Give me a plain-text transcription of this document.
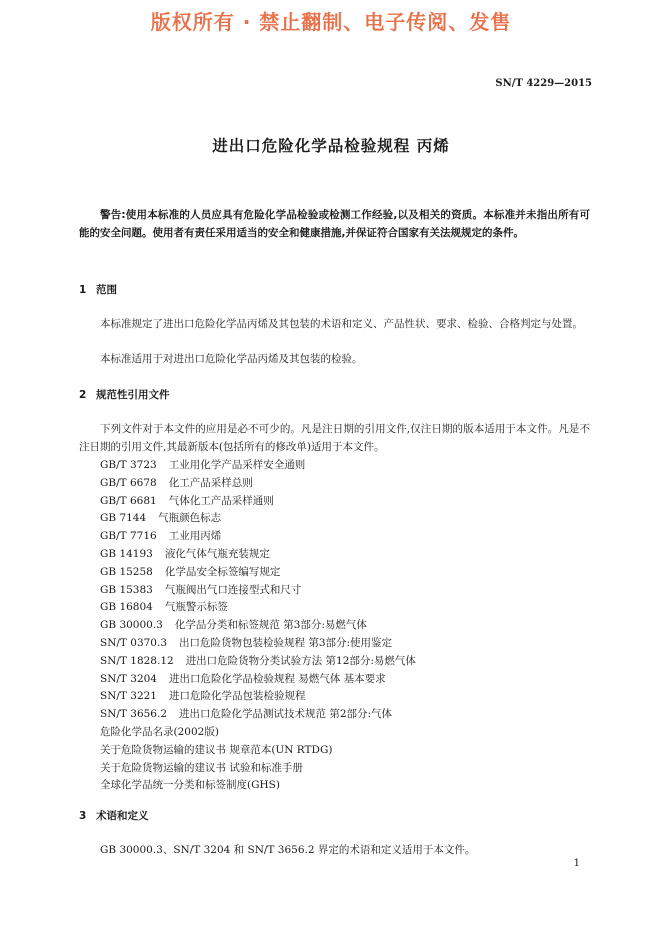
版权所有 · 禁止翻制、电子传阅、发售
SN/T 4229—2015
进出口危险化学品检验规程 丙烯
警告:使用本标准的人员应具有危险化学品检验或检测工作经验,以及相关的资质。本标准并未指出所有可能的安全问题。使用者有责任采用适当的安全和健康措施,并保证符合国家有关法规规定的条件。
1 范围
本标准规定了进出口危险化学品丙烯及其包装的术语和定义、产品性状、要求、检验、合格判定与处置。
本标准适用于对进出口危险化学品丙烯及其包装的检验。
2 规范性引用文件
下列文件对于本文件的应用是必不可少的。凡是注日期的引用文件,仅注日期的版本适用于本文件。凡是不注日期的引用文件,其最新版本(包括所有的修改单)适用于本文件。
GB/T 3723 工业用化学产品采样安全通则
GB/T 6678 化工产品采样总则
GB/T 6681 气体化工产品采样通则
GB 7144 气瓶颜色标志
GB/T 7716 工业用丙烯
GB 14193 液化气体气瓶充装规定
GB 15258 化学品安全标签编写规定
GB 15383 气瓶阀出气口连接型式和尺寸
GB 16804 气瓶警示标签
GB 30000.3 化学品分类和标签规范 第3部分:易燃气体
SN/T 0370.3 出口危险货物包装检验规程 第3部分:使用鉴定
SN/T 1828.12 进出口危险货物分类试验方法 第12部分:易燃气体
SN/T 3204 进出口危险化学品检验规程 易燃气体 基本要求
SN/T 3221 进口危险化学品包装检验规程
SN/T 3656.2 进出口危险化学品测试技术规范 第2部分:气体
危险化学品名录(2002版)
关于危险货物运输的建议书 规章范本(UN RTDG)
关于危险货物运输的建议书 试验和标准手册
全球化学品统一分类和标签制度(GHS)
3 术语和定义
GB 30000.3、SN/T 3204 和 SN/T 3656.2 界定的术语和定义适用于本文件。
1
